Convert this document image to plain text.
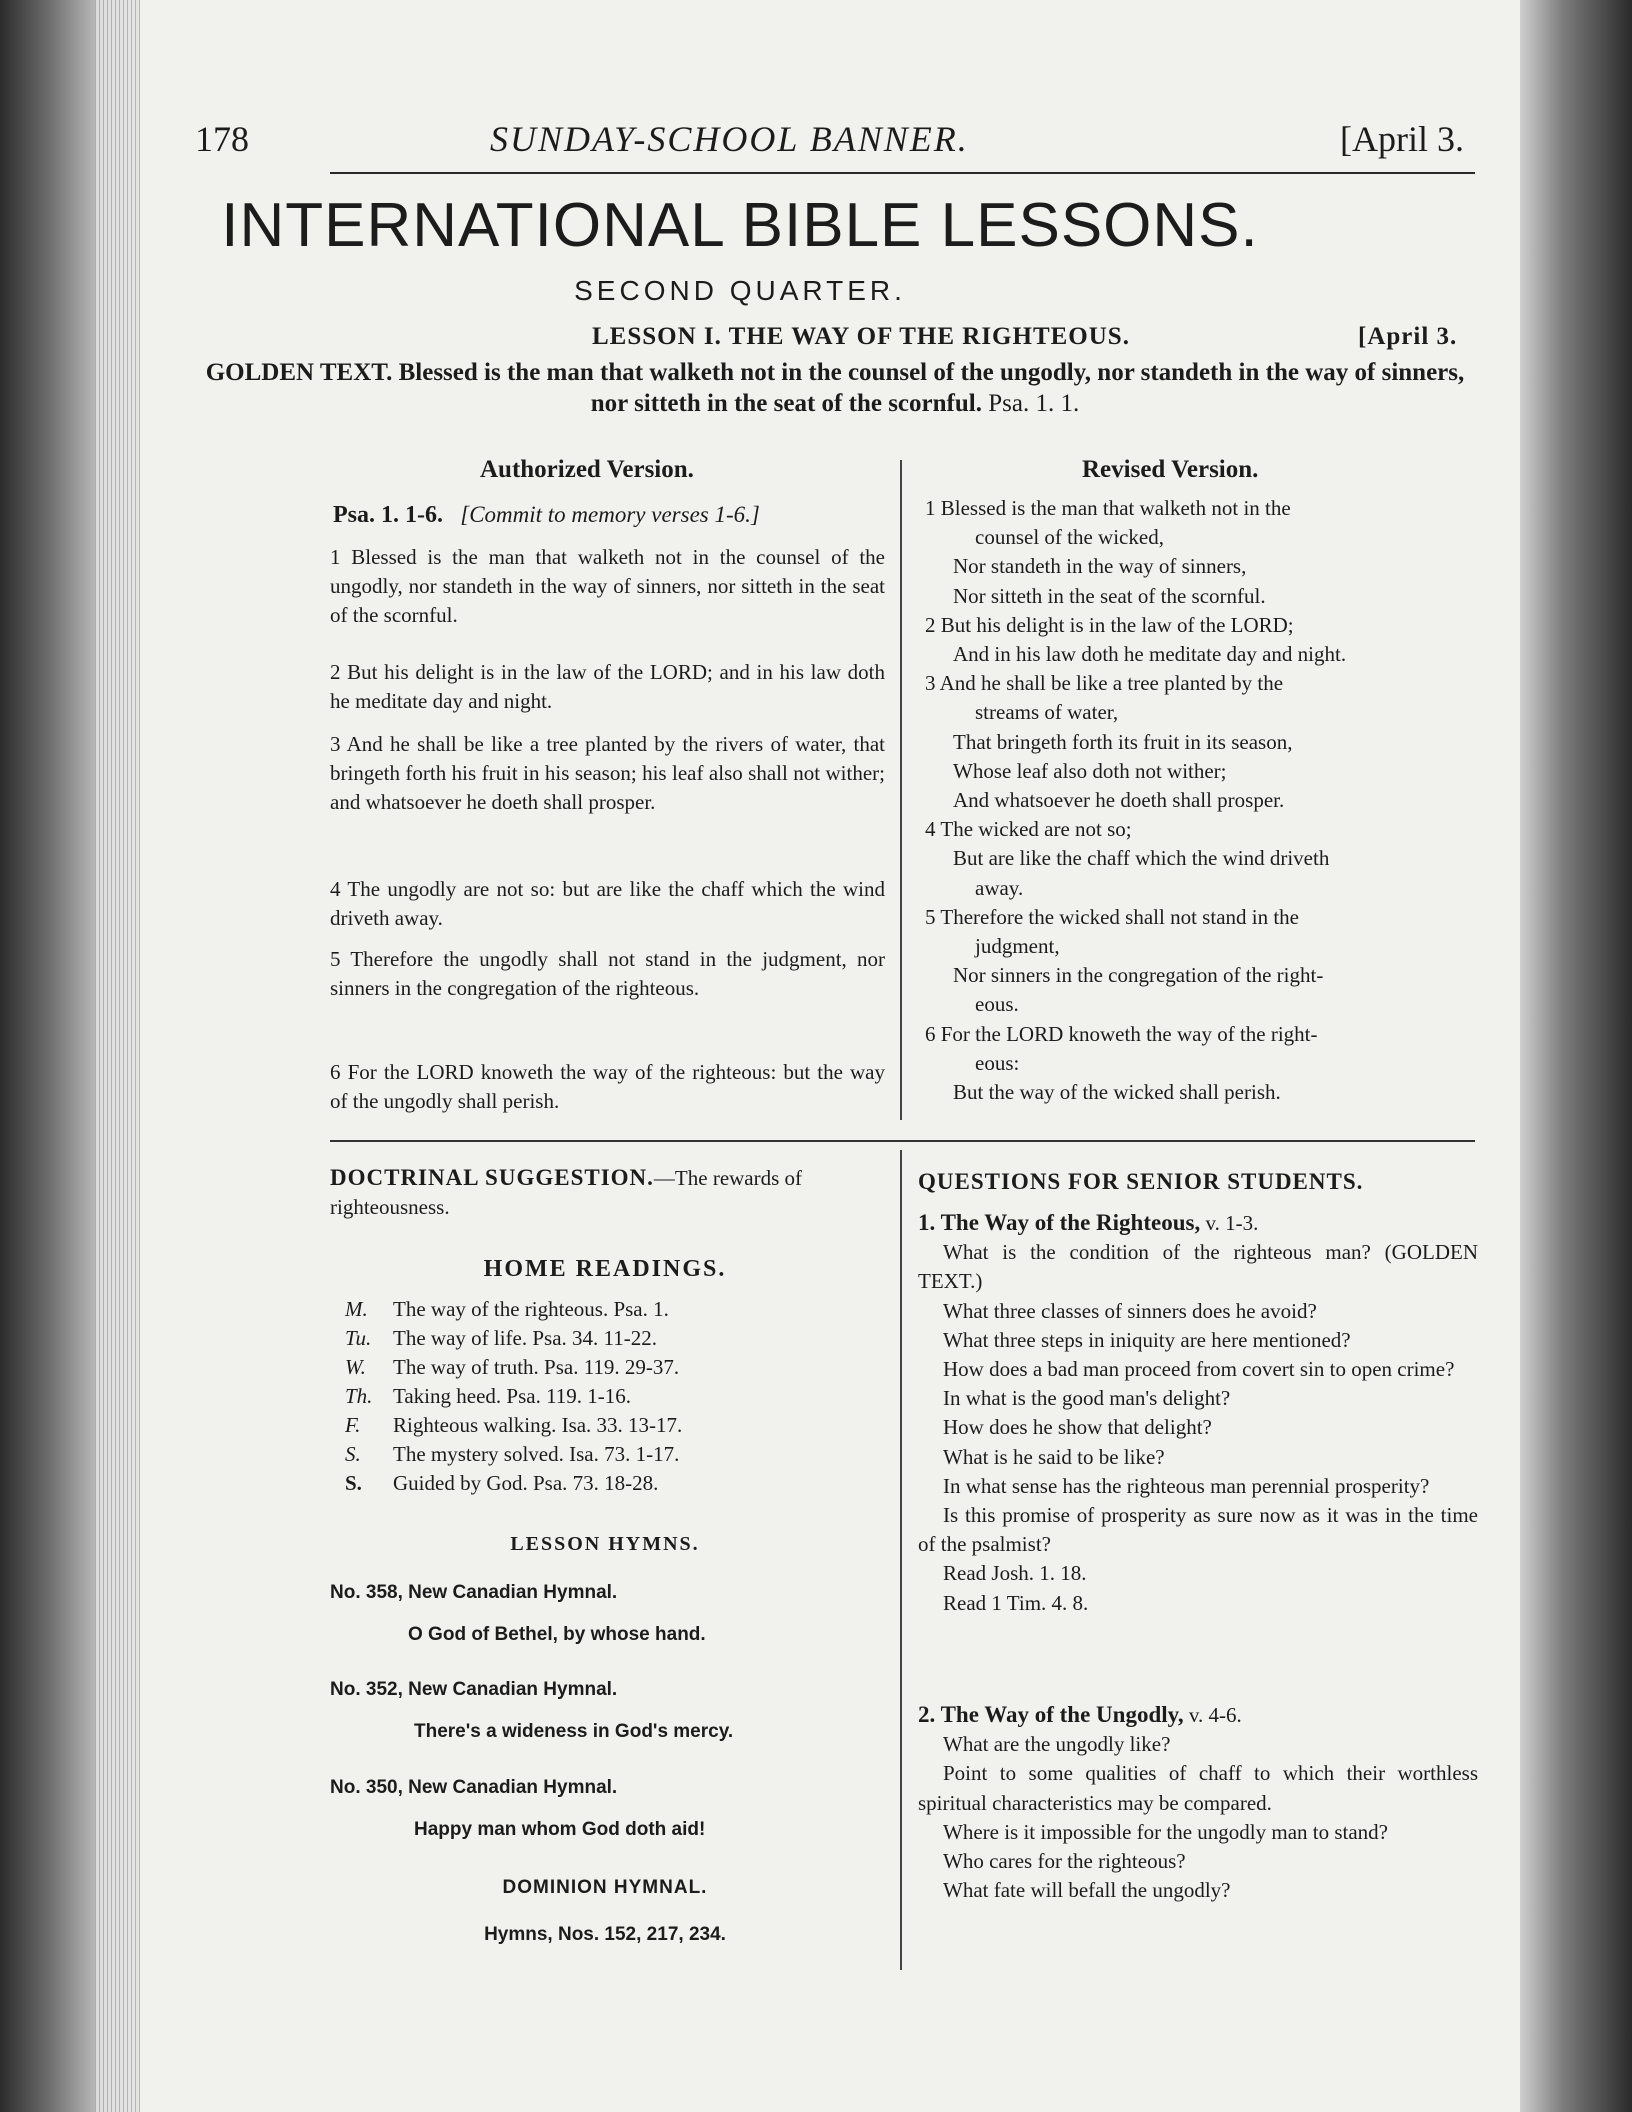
178	SUNDAY-SCHOOL BANNER.	[April 3.
INTERNATIONAL BIBLE LESSONS.
SECOND QUARTER.
LESSON I. THE WAY OF THE RIGHTEOUS.	[April 3.
GOLDEN TEXT. Blessed is the man that walketh not in the counsel of the ungodly, nor standeth in the way of sinners, nor sitteth in the seat of the scornful. Psa. 1. 1.
Authorized Version.	Revised Version.
Psa. 1. 1-6. [Commit to memory verses 1-6.]
1 Blessed is the man that walketh not in the counsel of the ungodly, nor standeth in the way of sinners, nor sitteth in the seat of the scornful.
2 But his delight is in the law of the LORD; and in his law doth he meditate day and night.
3 And he shall be like a tree planted by the rivers of water, that bringeth forth his fruit in his season; his leaf also shall not wither; and whatsoever he doeth shall prosper.
4 The ungodly are not so: but are like the chaff which the wind driveth away.
5 Therefore the ungodly shall not stand in the judgment, nor sinners in the congregation of the righteous.
6 For the LORD knoweth the way of the righteous: but the way of the ungodly shall perish.
1 Blessed is the man that walketh not in the
counsel of the wicked,
Nor standeth in the way of sinners,
Nor sitteth in the seat of the scornful.
2 But his delight is in the law of the LORD;
And in his law doth he meditate day and night.
3 And he shall be like a tree planted by the
streams of water,
That bringeth forth its fruit in its season,
Whose leaf also doth not wither;
And whatsoever he doeth shall prosper.
4 The wicked are not so;
But are like the chaff which the wind driveth
away.
5 Therefore the wicked shall not stand in the
judgment,
Nor sinners in the congregation of the right-
eous.
6 For the LORD knoweth the way of the right-
eous:
But the way of the wicked shall perish.
DOCTRINAL SUGGESTION.—The rewards of righteousness.
HOME READINGS.
M. The way of the righteous. Psa. 1.
Tu. The way of life. Psa. 34. 11-22.
W. The way of truth. Psa. 119. 29-37.
Th. Taking heed. Psa. 119. 1-16.
F. Righteous walking. Isa. 33. 13-17.
S. The mystery solved. Isa. 73. 1-17.
S. Guided by God. Psa. 73. 18-28.
LESSON HYMNS.
No. 358, New Canadian Hymnal.
O God of Bethel, by whose hand.
No. 352, New Canadian Hymnal.
There's a wideness in God's mercy.
No. 350, New Canadian Hymnal.
Happy man whom God doth aid!
DOMINION HYMNAL.
Hymns, Nos. 152, 217, 234.
QUESTIONS FOR SENIOR STUDENTS.
1. The Way of the Righteous, v. 1-3.
What is the condition of the righteous man? (GOLDEN TEXT.)
What three classes of sinners does he avoid?
What three steps in iniquity are here mentioned?
How does a bad man proceed from covert sin to open crime?
In what is the good man's delight?
How does he show that delight?
What is he said to be like?
In what sense has the righteous man perennial prosperity?
Is this promise of prosperity as sure now as it was in the time of the psalmist?
Read Josh. 1. 18.
Read 1 Tim. 4. 8.
2. The Way of the Ungodly, v. 4-6.
What are the ungodly like?
Point to some qualities of chaff to which their worthless spiritual characteristics may be compared.
Where is it impossible for the ungodly man to stand?
Who cares for the righteous?
What fate will befall the ungodly?
